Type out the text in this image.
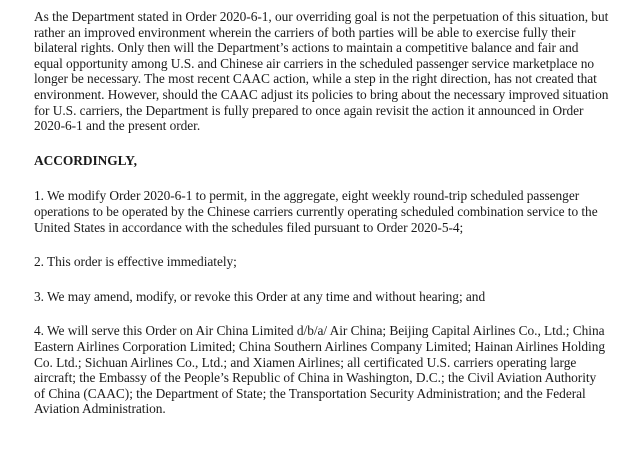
As the Department stated in Order 2020-6-1, our overriding goal is not the perpetuation of this situation, but rather an improved environment wherein the carriers of both parties will be able to exercise fully their bilateral rights. Only then will the Department’s actions to maintain a competitive balance and fair and equal opportunity among U.S. and Chinese air carriers in the scheduled passenger service marketplace no longer be necessary. The most recent CAAC action, while a step in the right direction, has not created that environment. However, should the CAAC adjust its policies to bring about the necessary improved situation for U.S. carriers, the Department is fully prepared to once again revisit the action it announced in Order 2020-6-1 and the present order.

ACCORDINGLY,

1. We modify Order 2020-6-1 to permit, in the aggregate, eight weekly round-trip scheduled passenger operations to be operated by the Chinese carriers currently operating scheduled combination service to the United States in accordance with the schedules filed pursuant to Order 2020-5-4;

2. This order is effective immediately;

3. We may amend, modify, or revoke this Order at any time and without hearing; and

4. We will serve this Order on Air China Limited d/b/a/ Air China; Beijing Capital Airlines Co., Ltd.; China Eastern Airlines Corporation Limited; China Southern Airlines Company Limited; Hainan Airlines Holding Co. Ltd.; Sichuan Airlines Co., Ltd.; and Xiamen Airlines; all certificated U.S. carriers operating large aircraft; the Embassy of the People’s Republic of China in Washington, D.C.; the Civil Aviation Authority of China (CAAC); the Department of State; the Transportation Security Administration; and the Federal Aviation Administration.
